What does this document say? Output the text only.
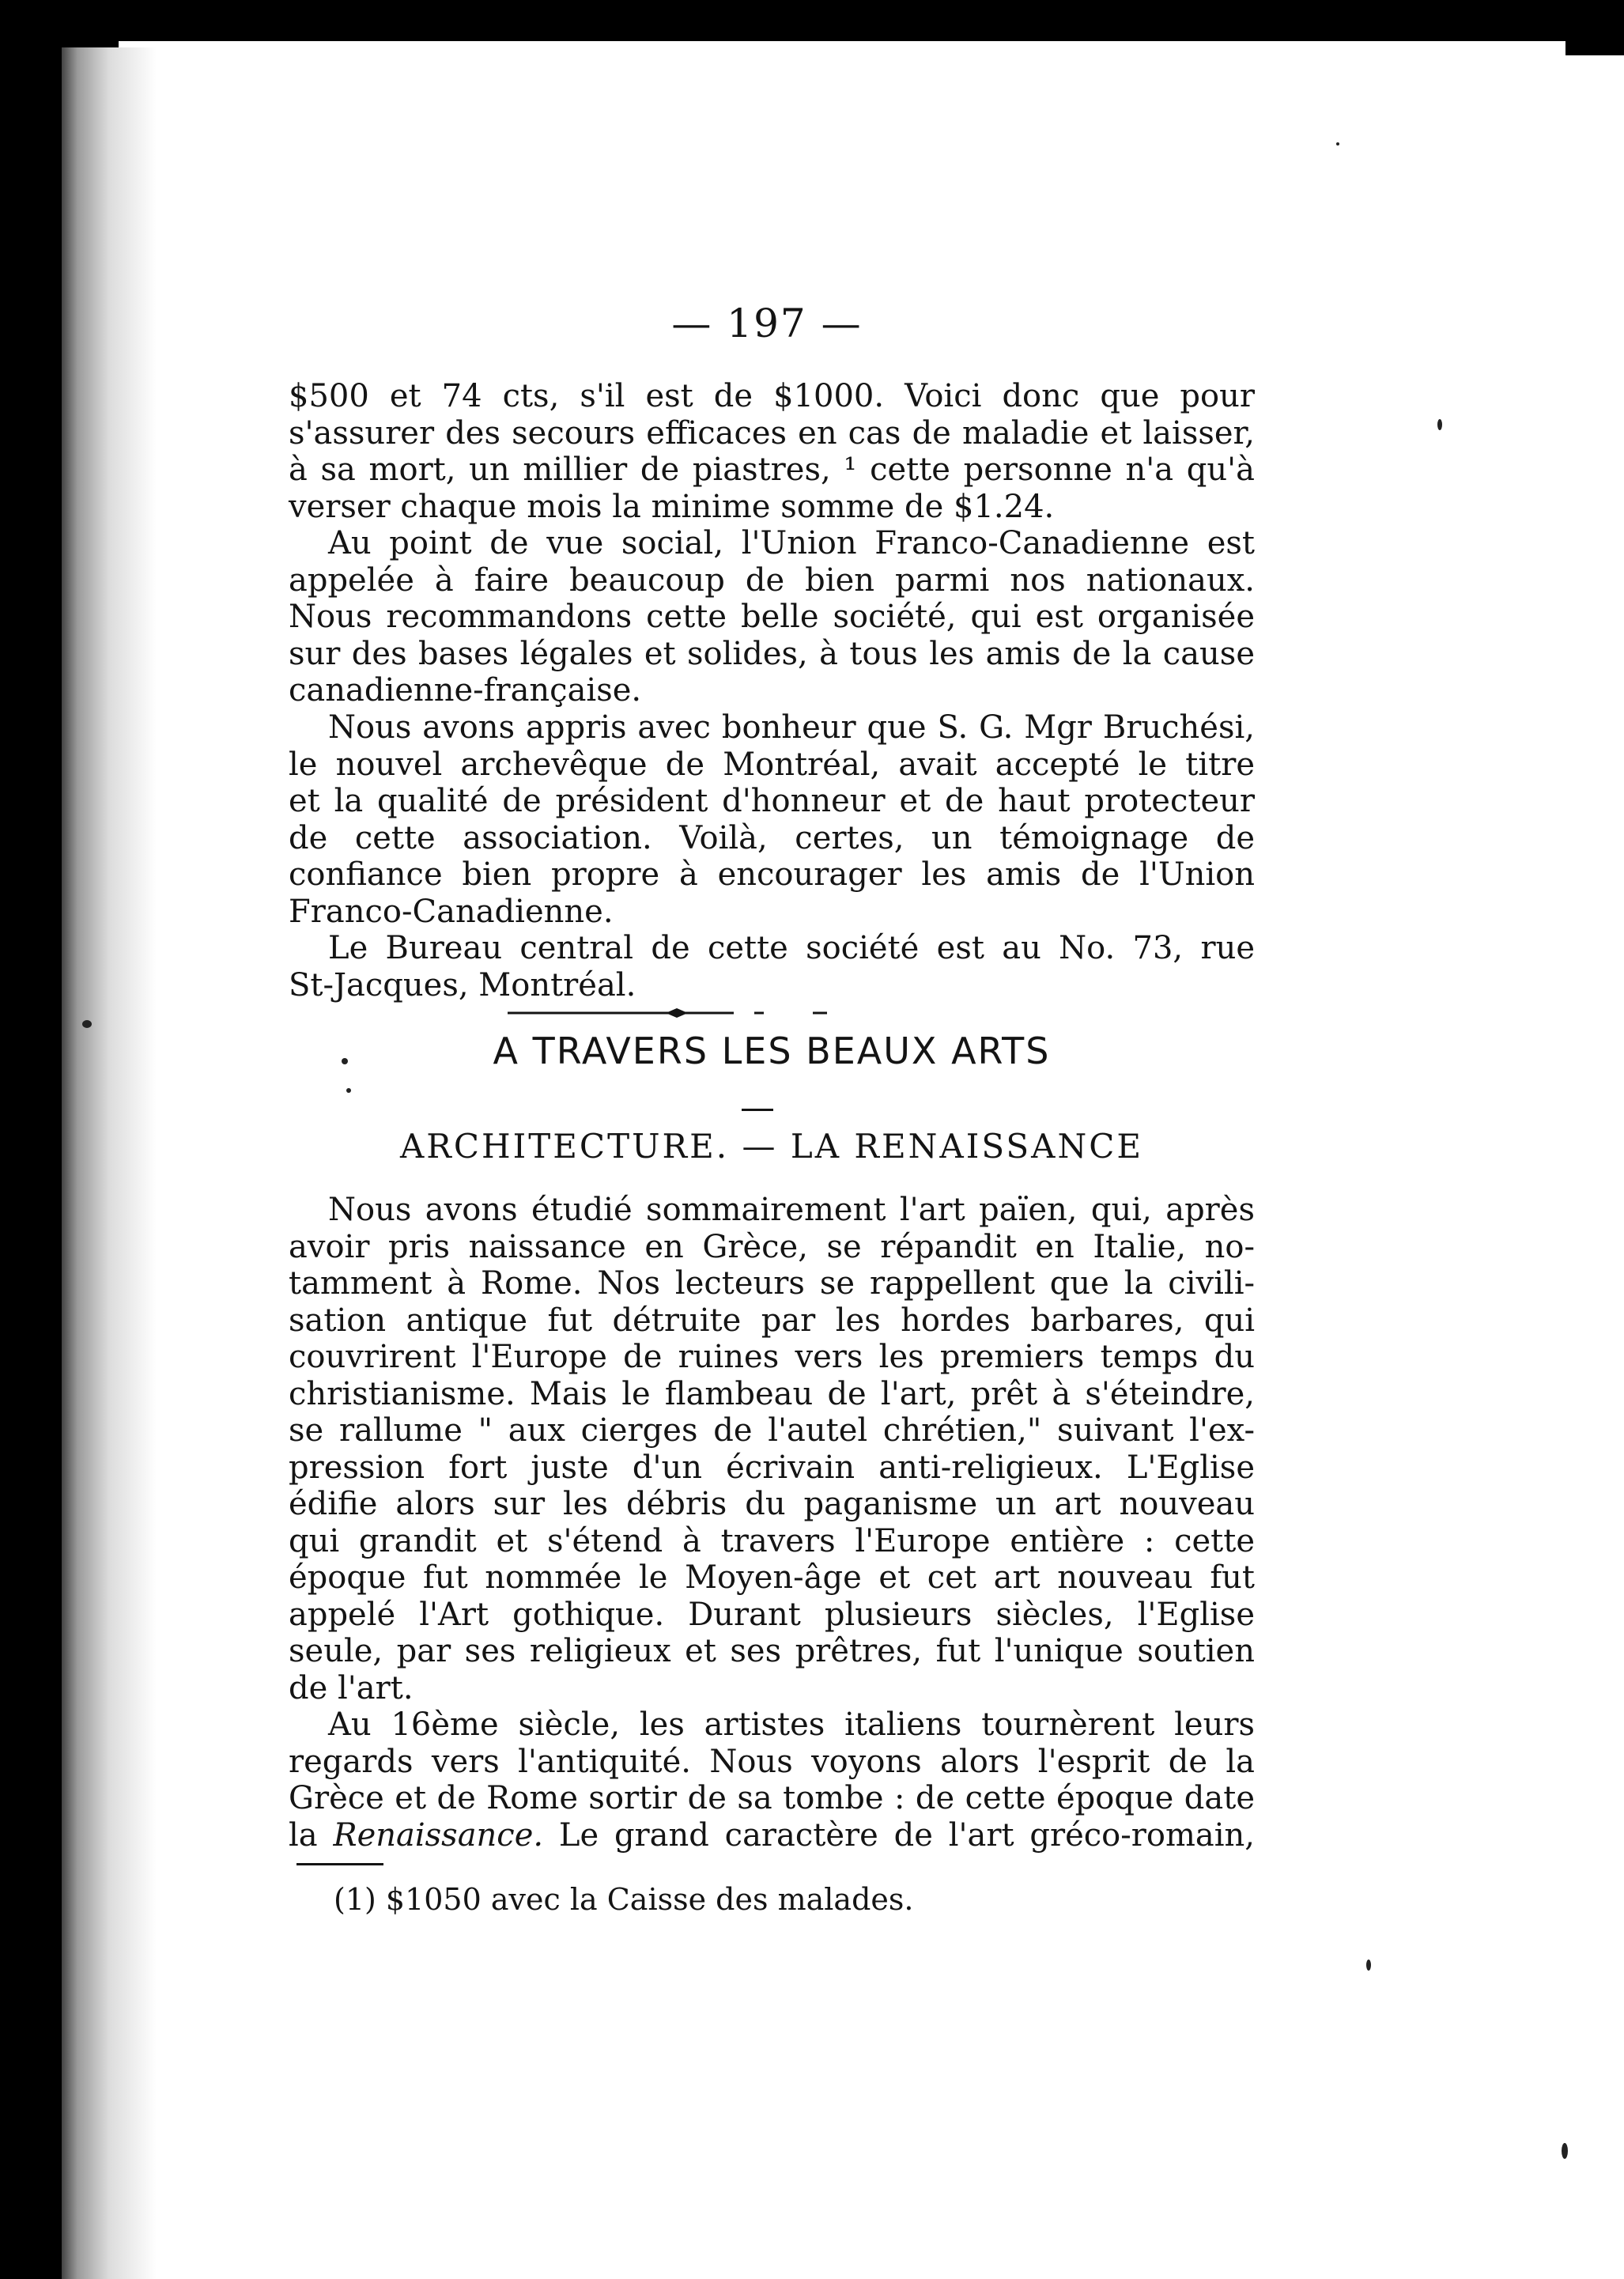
— 197 —
$500 et 74 cts, s'il est de $1000. Voici donc que pour
s'assurer des secours efficaces en cas de maladie et laisser,
à sa mort, un millier de piastres, ¹ cette personne n'a qu'à
verser chaque mois la minime somme de $1.24.
Au point de vue social, l'Union Franco-Canadienne est
appelée à faire beaucoup de bien parmi nos nationaux.
Nous recommandons cette belle société, qui est organisée
sur des bases légales et solides, à tous les amis de la cause
canadienne-française.
Nous avons appris avec bonheur que S. G. Mgr Bruchési,
le nouvel archevêque de Montréal, avait accepté le titre
et la qualité de président d'honneur et de haut protecteur
de cette association. Voilà, certes, un témoignage de
confiance bien propre à encourager les amis de l'Union
Franco-Canadienne.
Le Bureau central de cette société est au No. 73, rue
St-Jacques, Montréal.
A TRAVERS LES BEAUX ARTS
ARCHITECTURE. — LA RENAISSANCE
Nous avons étudié sommairement l'art païen, qui, après
avoir pris naissance en Grèce, se répandit en Italie, no-
tamment à Rome. Nos lecteurs se rappellent que la civili-
sation antique fut détruite par les hordes barbares, qui
couvrirent l'Europe de ruines vers les premiers temps du
christianisme. Mais le flambeau de l'art, prêt à s'éteindre,
se rallume " aux cierges de l'autel chrétien," suivant l'ex-
pression fort juste d'un écrivain anti-religieux. L'Eglise
édifie alors sur les débris du paganisme un art nouveau
qui grandit et s'étend à travers l'Europe entière : cette
époque fut nommée le Moyen-âge et cet art nouveau fut
appelé l'Art gothique. Durant plusieurs siècles, l'Eglise
seule, par ses religieux et ses prêtres, fut l'unique soutien
de l'art.
Au 16ème siècle, les artistes italiens tournèrent leurs
regards vers l'antiquité. Nous voyons alors l'esprit de la
Grèce et de Rome sortir de sa tombe : de cette époque date
la Renaissance. Le grand caractère de l'art gréco-romain,
(1) $1050 avec la Caisse des malades.
